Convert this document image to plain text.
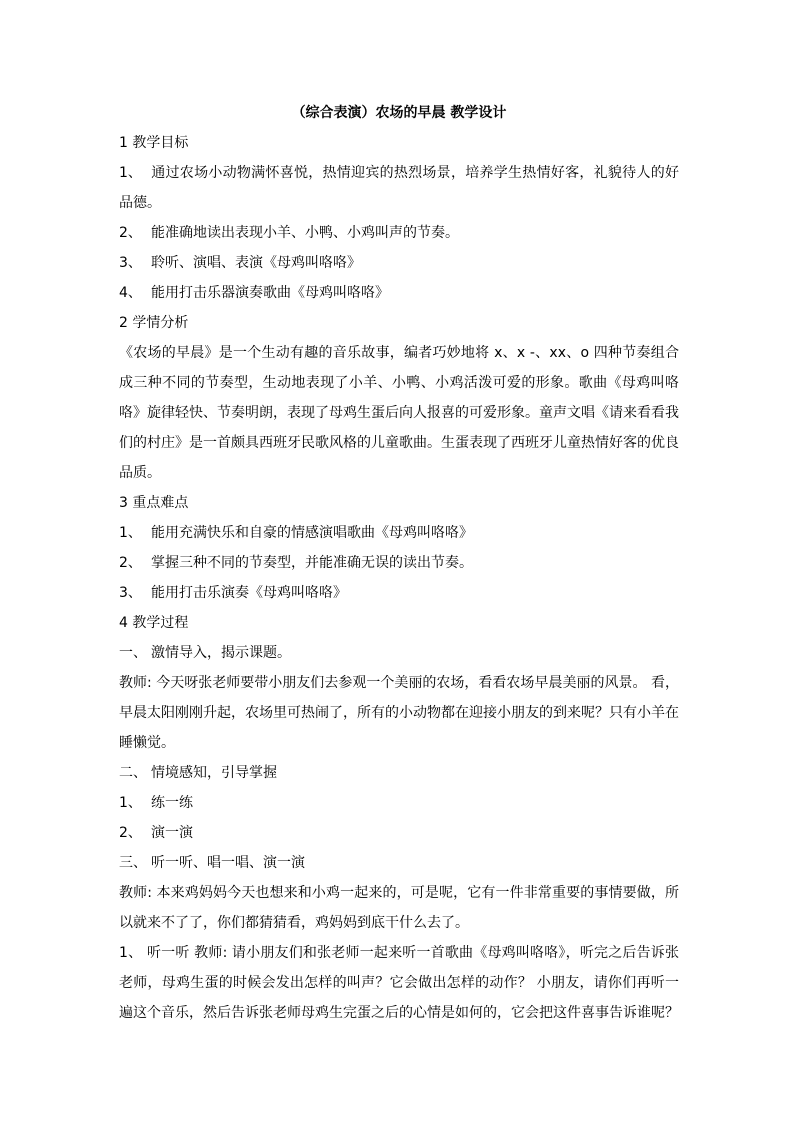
（综合表演）农场的早晨 教学设计

1 教学目标

1、 通过农场小动物满怀喜悦，热情迎宾的热烈场景，培养学生热情好客，礼貌待人的好品德。

2、 能准确地读出表现小羊、小鸭、小鸡叫声的节奏。

3、 聆听、演唱、表演《母鸡叫咯咯》

4、 能用打击乐器演奏歌曲《母鸡叫咯咯》

2 学情分析

《农场的早晨》是一个生动有趣的音乐故事，编者巧妙地将 x、x -、xx、o 四种节奏组合成三种不同的节奏型，生动地表现了小羊、小鸭、小鸡活泼可爱的形象。歌曲《母鸡叫咯咯》旋律轻快、节奏明朗，表现了母鸡生蛋后向人报喜的可爱形象。童声文唱《请来看看我们的村庄》是一首颇具西班牙民歌风格的儿童歌曲。生蛋表现了西班牙儿童热情好客的优良品质。

3 重点难点

1、 能用充满快乐和自豪的情感演唱歌曲《母鸡叫咯咯》

2、 掌握三种不同的节奏型，并能准确无误的读出节奏。

3、 能用打击乐演奏《母鸡叫咯咯》

4 教学过程

一、 激情导入，揭示课题。

教师: 今天呀张老师要带小朋友们去参观一个美丽的农场，看看农场早晨美丽的风景。 看，早晨太阳刚刚升起，农场里可热闹了，所有的小动物都在迎接小朋友的到来呢？只有小羊在睡懒觉。

二、 情境感知，引导掌握

1、 练一练

2、 演一演

三、 听一听、唱一唱、演一演

教师: 本来鸡妈妈今天也想来和小鸡一起来的，可是呢，它有一件非常重要的事情要做，所以就来不了了，你们都猜猜看，鸡妈妈到底干什么去了。

1、 听一听 教师: 请小朋友们和张老师一起来听一首歌曲《母鸡叫咯咯》，听完之后告诉张老师，母鸡生蛋的时候会发出怎样的叫声？它会做出怎样的动作？ 小朋友，请你们再听一遍这个音乐，然后告诉张老师母鸡生完蛋之后的心情是如何的，它会把这件喜事告诉谁呢？
